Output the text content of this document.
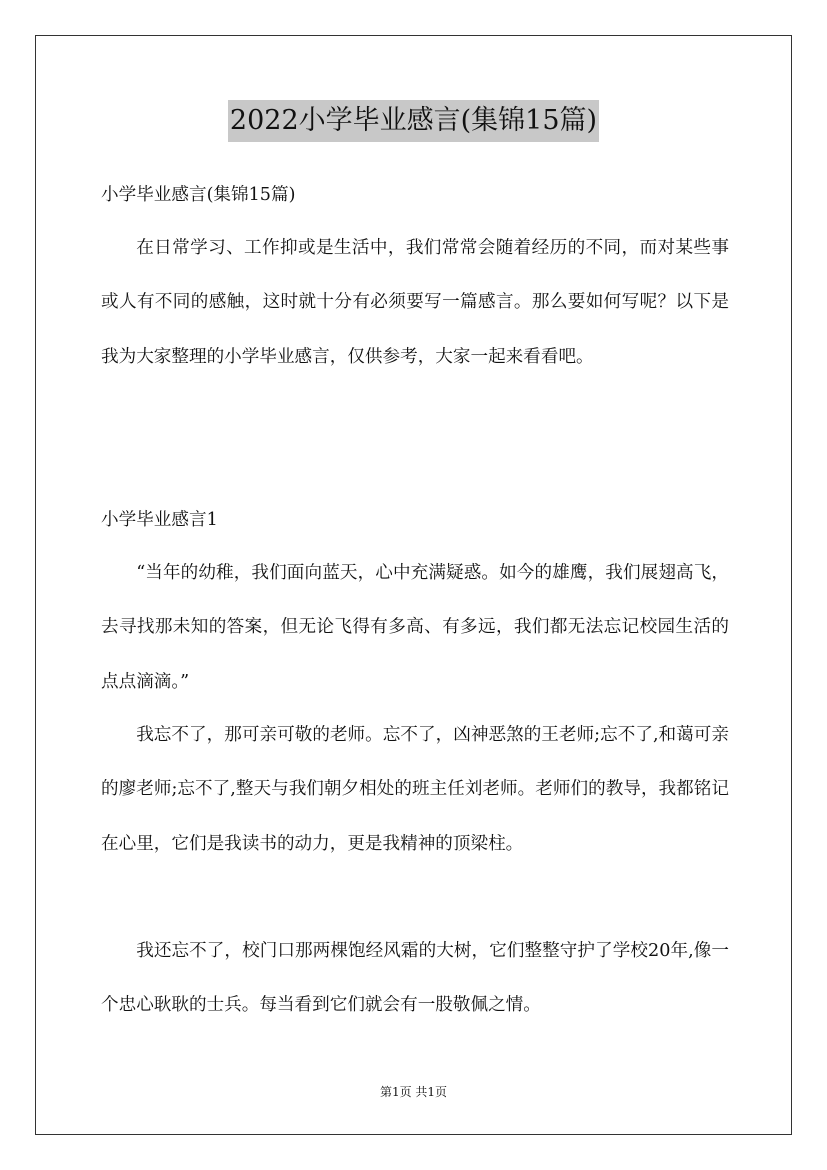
2022小学毕业感言(集锦15篇)

小学毕业感言(集锦15篇)

在日常学习、工作抑或是生活中，我们常常会随着经历的不同，而对某些事或人有不同的感触，这时就十分有必须要写一篇感言。那么要如何写呢？以下是我为大家整理的小学毕业感言，仅供参考，大家一起来看看吧。

小学毕业感言1

“当年的幼稚，我们面向蓝天，心中充满疑惑。如今的雄鹰，我们展翅高飞，去寻找那未知的答案，但无论飞得有多高、有多远，我们都无法忘记校园生活的点点滴滴。”

我忘不了，那可亲可敬的老师。忘不了，凶神恶煞的王老师;忘不了,和蔼可亲的廖老师;忘不了,整天与我们朝夕相处的班主任刘老师。老师们的教导，我都铭记在心里，它们是我读书的动力，更是我精神的顶梁柱。

我还忘不了，校门口那两棵饱经风霜的大树，它们整整守护了学校20年,像一个忠心耿耿的士兵。每当看到它们就会有一股敬佩之情。

第1页 共1页
